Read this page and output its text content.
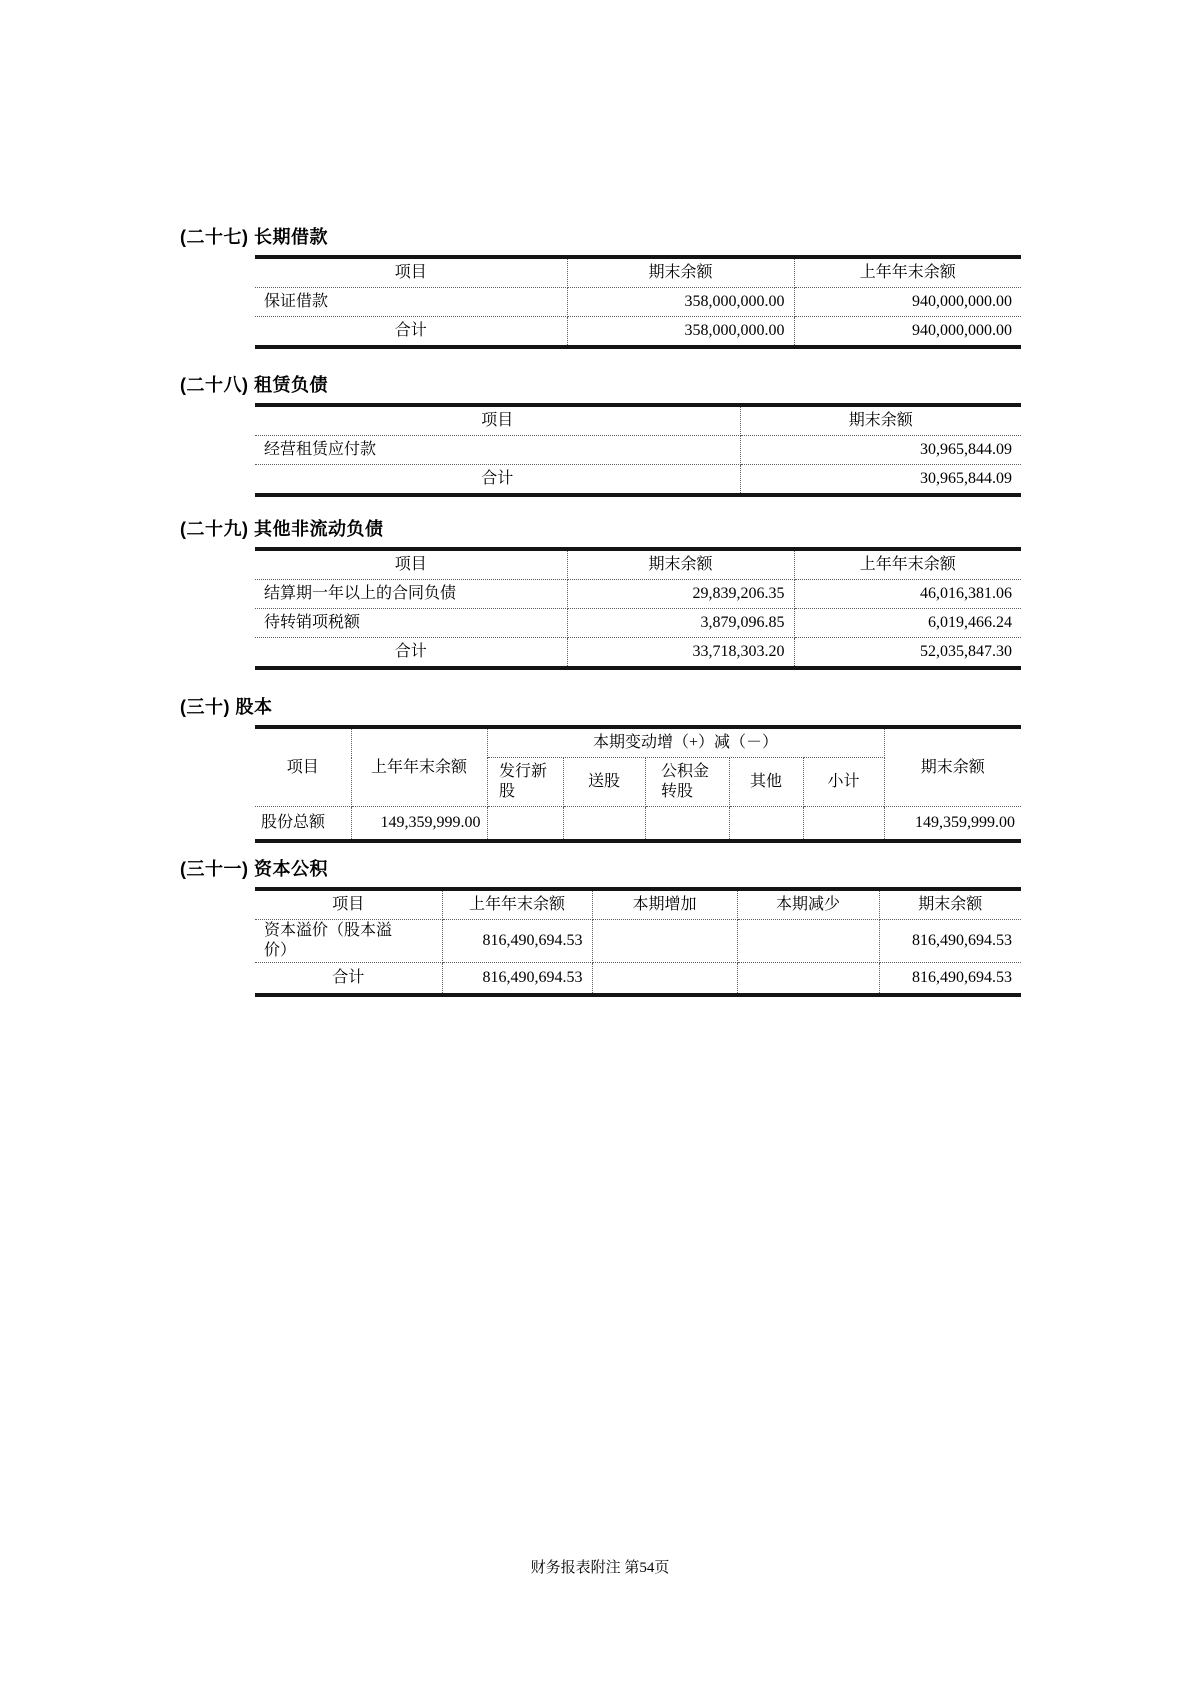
(二十七) 长期借款
项目	期末余额	上年年末余额
保证借款	358,000,000.00	940,000,000.00
合计	358,000,000.00	940,000,000.00
(二十八) 租赁负债
项目	期末余额
经营租赁应付款	30,965,844.09
合计	30,965,844.09
(二十九) 其他非流动负债
项目	期末余额	上年年末余额
结算期一年以上的合同负债	29,839,206.35	46,016,381.06
待转销项税额	3,879,096.85	6,019,466.24
合计	33,718,303.20	52,035,847.30
(三十) 股本
项目	上年年末余额	本期变动增（+）减（－）					期末余额
		发行新股	送股	公积金转股	其他	小计	
股份总额	149,359,999.00						149,359,999.00
(三十一) 资本公积
项目	上年年末余额	本期增加	本期减少	期末余额
资本溢价（股本溢价）	816,490,694.53			816,490,694.53
合计	816,490,694.53			816,490,694.53
财务报表附注 第54页
